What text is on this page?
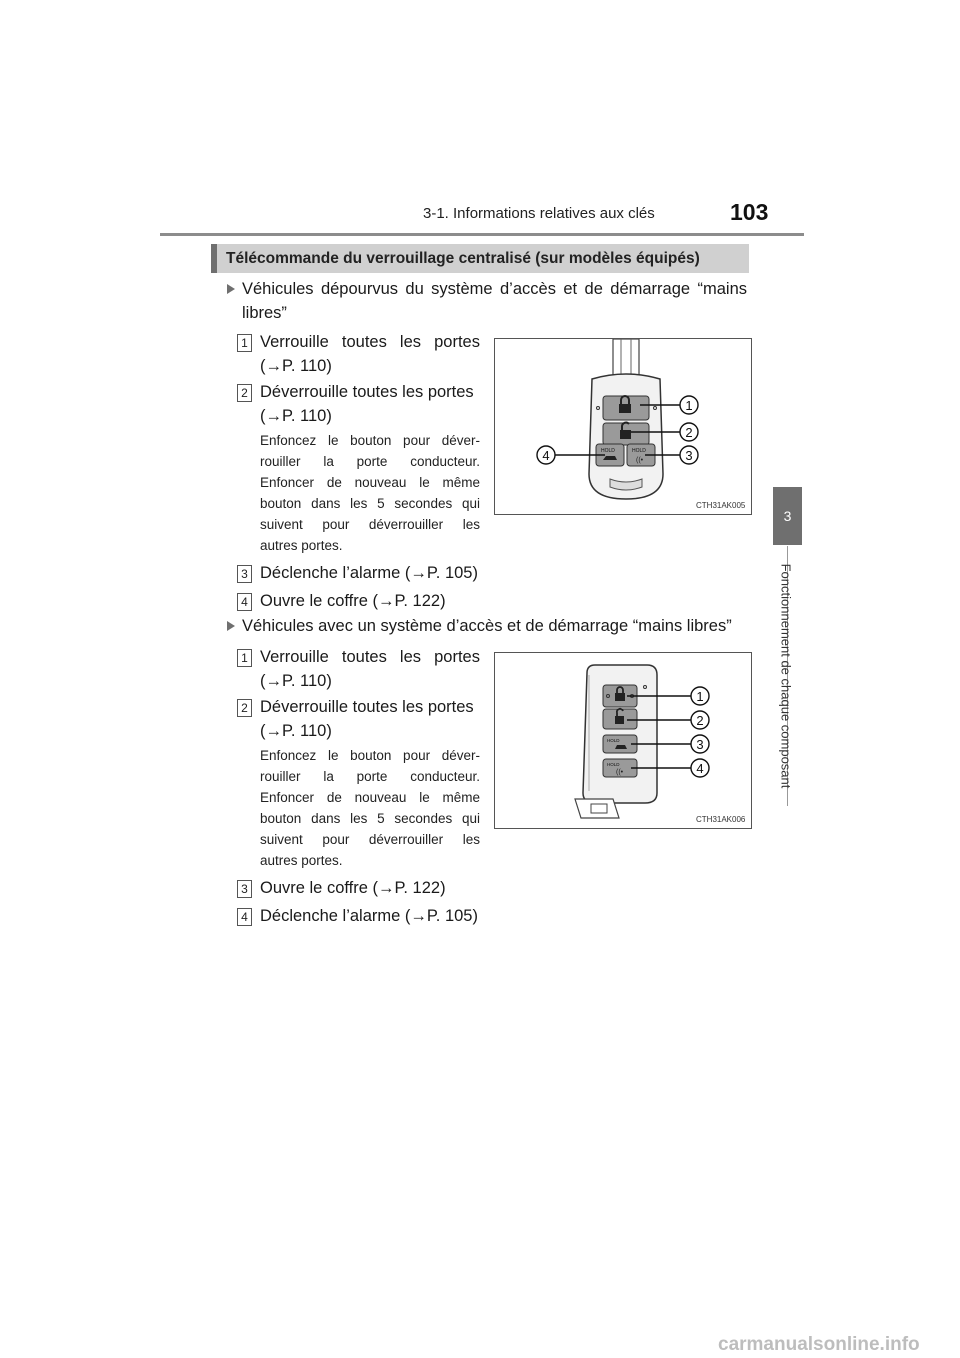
3-1. Informations relatives aux clés	103
3
Fonctionnement de chaque composant
Télécommande du verrouillage centralisé (sur modèles équipés)
Véhicules dépourvus du système d’accès et de démarrage “mains
libres”
1 Verrouille toutes les portes
(→P. 110)
2 Déverrouille toutes les portes
(→P. 110)
Enfoncez le bouton pour déver-
rouiller la porte conducteur.
Enfoncer de nouveau le même
bouton dans les 5 secondes qui
suivent pour déverrouiller les
autres portes.
3 Déclenche l’alarme (→P. 105)
4 Ouvre le coffre (→P. 122)
HOLD	HOLD
((•
1
2
3
4
CTH31AK005
Véhicules avec un système d’accès et de démarrage “mains libres”
1 Verrouille toutes les portes
(→P. 110)
2 Déverrouille toutes les portes
(→P. 110)
Enfoncez le bouton pour déver-
rouiller la porte conducteur.
Enfoncer de nouveau le même
bouton dans les 5 secondes qui
suivent pour déverrouiller les
autres portes.
3 Ouvre le coffre (→P. 122)
4 Déclenche l’alarme (→P. 105)
HOLD
HOLD
((•
1
2
3
4
CTH31AK006
carmanualsonline.info
